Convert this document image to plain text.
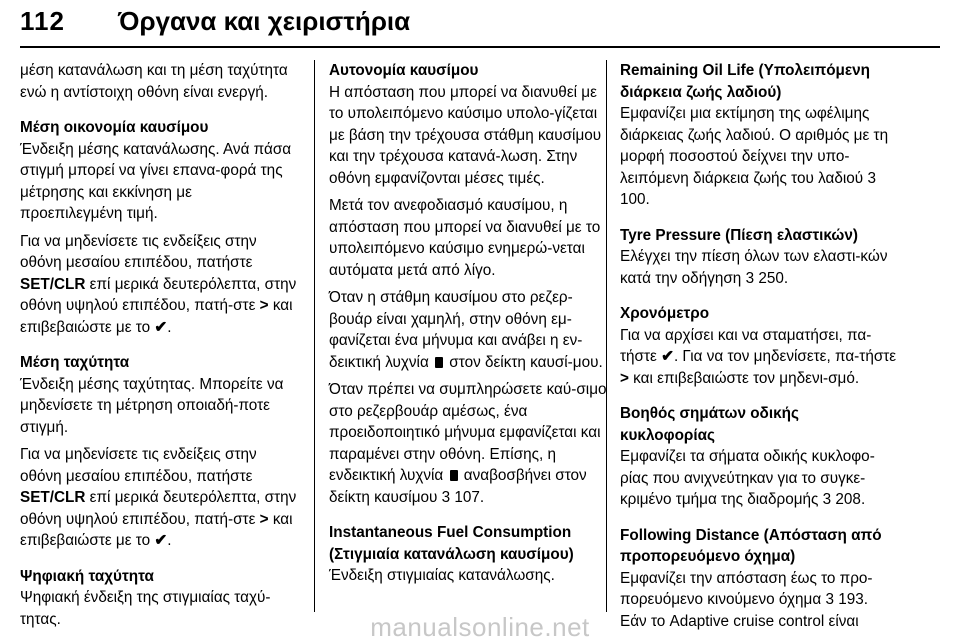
112 Όργανα και χειριστήρια

μέση κατανάλωση και τη μέση ταχύτητα ενώ η αντίστοιχη οθόνη είναι ενεργή.

Μέση οικονομία καυσίμου

Ένδειξη μέσης κατανάλωσης. Ανά πάσα στιγμή μπορεί να γίνει επανα-φορά της μέτρησης και εκκίνηση με προεπιλεγμένη τιμή.

Για να μηδενίσετε τις ενδείξεις στην οθόνη μεσαίου επιπέδου, πατήστε SET/CLR επί μερικά δευτερόλεπτα, στην οθόνη υψηλού επιπέδου, πατή-στε > και επιβεβαιώστε με το ✔.

Μέση ταχύτητα

Ένδειξη μέσης ταχύτητας. Μπορείτε να μηδενίσετε τη μέτρηση οποιαδή-ποτε στιγμή.

Για να μηδενίσετε τις ενδείξεις στην οθόνη μεσαίου επιπέδου, πατήστε SET/CLR επί μερικά δευτερόλεπτα, στην οθόνη υψηλού επιπέδου, πατή-στε > και επιβεβαιώστε με το ✔.

Ψηφιακή ταχύτητα

Ψηφιακή ένδειξη της στιγμιαίας ταχύ-τητας.

Αυτονομία καυσίμου

Η απόσταση που μπορεί να διανυθεί με το υπολειπόμενο καύσιμο υπολο-γίζεται με βάση την τρέχουσα στάθμη καυσίμου και την τρέχουσα κατανά-λωση. Στην οθόνη εμφανίζονται μέσες τιμές.

Μετά τον ανεφοδιασμό καυσίμου, η απόσταση που μπορεί να διανυθεί με το υπολειπόμενο καύσιμο ενημερώ-νεται αυτόματα μετά από λίγο.

Όταν η στάθμη καυσίμου στο ρεζερ-βουάρ είναι χαμηλή, στην οθόνη εμ-φανίζεται ένα μήνυμα και ανάβει η εν-δεικτική λυχνία  στον δείκτη καυσί-μου.

Όταν πρέπει να συμπληρώσετε καύ-σιμο στο ρεζερβουάρ αμέσως, ένα προειδοποιητικό μήνυμα εμφανίζεται και παραμένει στην οθόνη. Επίσης, η ενδεικτική λυχνία  αναβοσβήνει στον δείκτη καυσίμου 3 107.

Instantaneous Fuel Consumption (Στιγμιαία κατανάλωση καυσίμου)

Ένδειξη στιγμιαίας κατανάλωσης.

Remaining Oil Life (Υπολειπόμενη διάρκεια ζωής λαδιού)

Εμφανίζει μια εκτίμηση της ωφέλιμης διάρκειας ζωής λαδιού. Ο αριθμός με τη μορφή ποσοστού δείχνει την υπο-λειπόμενη διάρκεια ζωής του λαδιού 3 100.

Tyre Pressure (Πίεση ελαστικών)

Ελέγχει την πίεση όλων των ελαστι-κών κατά την οδήγηση 3 250.

Χρονόμετρο

Για να αρχίσει και να σταματήσει, πα-τήστε ✔. Για να τον μηδενίσετε, πα-τήστε > και επιβεβαιώστε τον μηδενι-σμό.

Βοηθός σημάτων οδικής κυκλοφορίας

Εμφανίζει τα σήματα οδικής κυκλοφο-ρίας που ανιχνεύτηκαν για το συγκε-κριμένο τμήμα της διαδρομής 3 208.

Following Distance (Απόσταση από προπορευόμενο όχημα)

Εμφανίζει την απόσταση έως το προ-πορευόμενο κινούμενο όχημα 3 193.

Εάν το Adaptive cruise control είναι

manualsonline.net
